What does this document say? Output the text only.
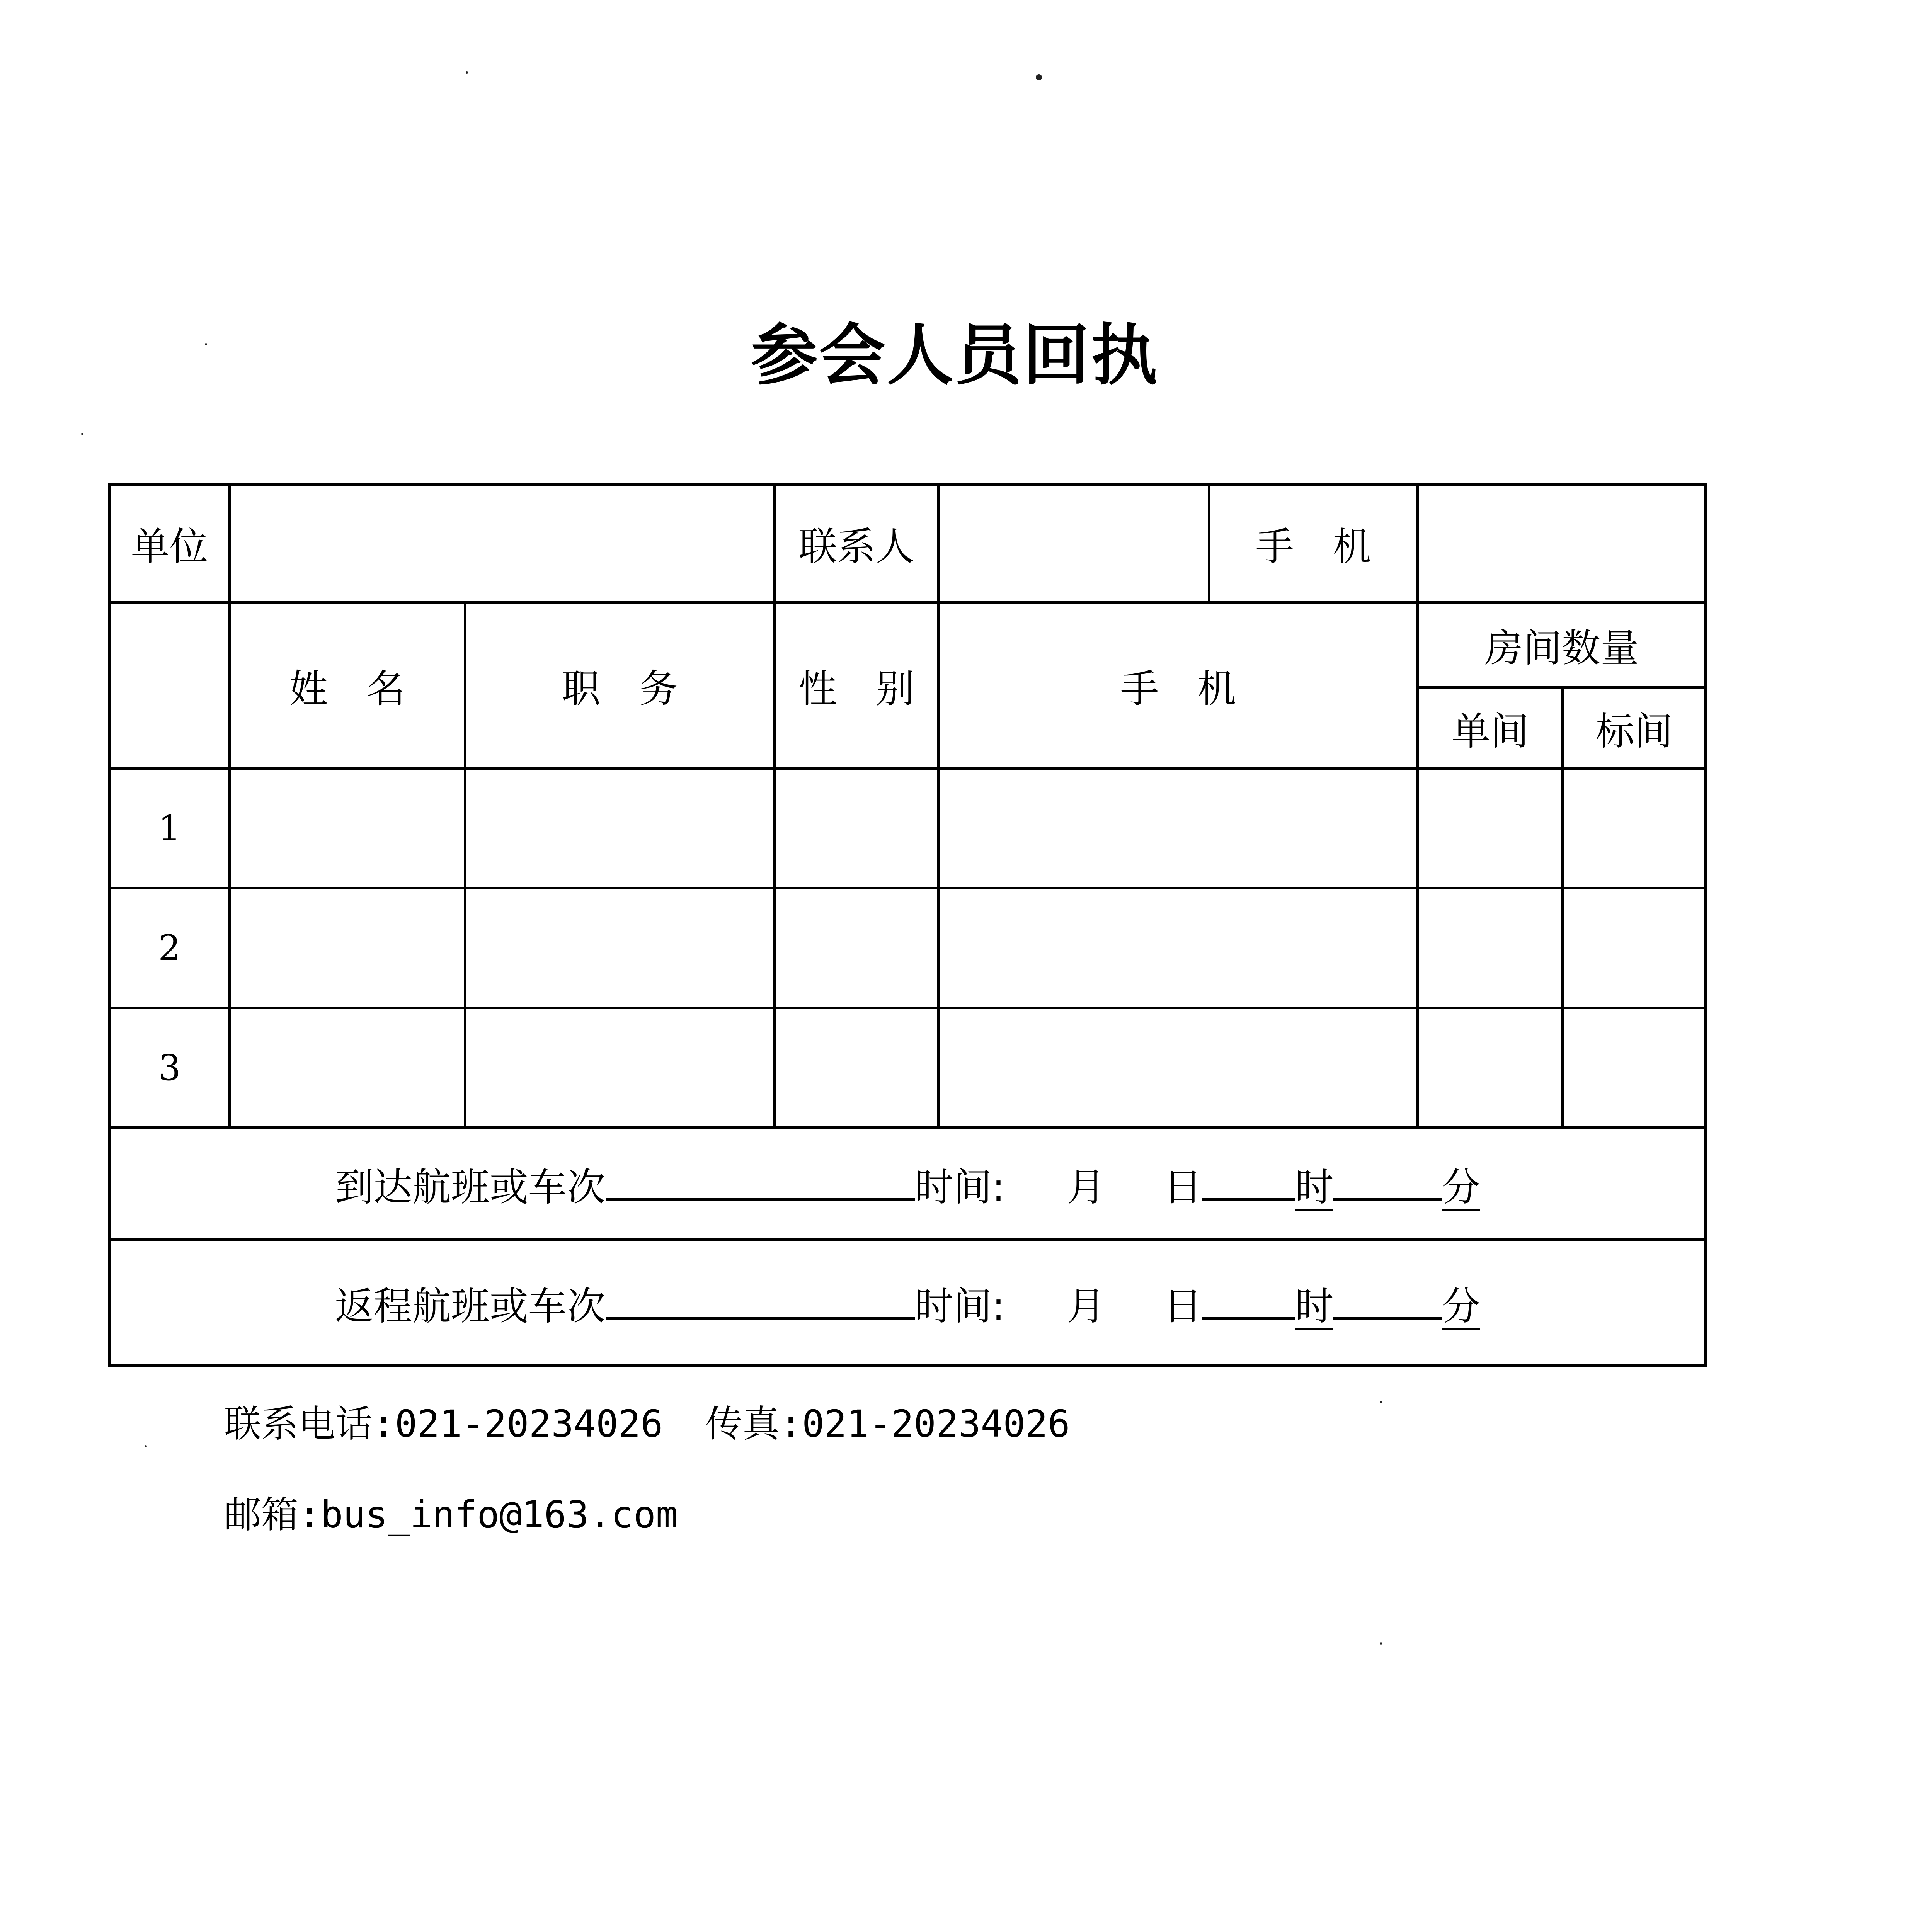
参会人员回执
单位			联系人		手　机		
	姓　名	职　务	性　别	手　机		房间数量	
						单间	标间
1							
2							
3							
到达航班或车次 时间: 月 日 时 分							
返程航班或车次 时间: 月 日 时 分							
联系电话:021-20234026 传真:021-20234026
邮箱:bus_info@163.com
